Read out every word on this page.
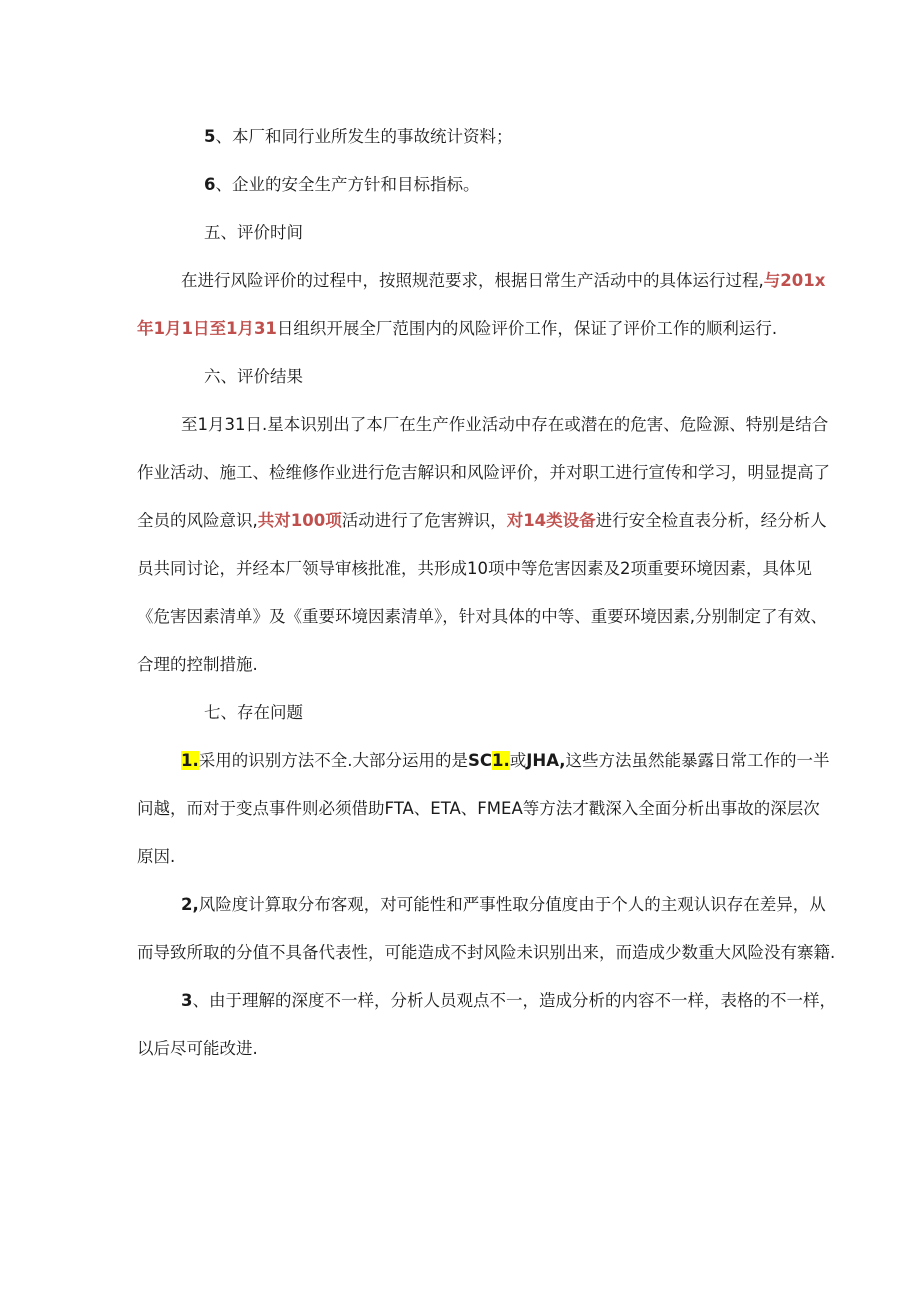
5、本厂和同行业所发生的事故统计资料；
6、企业的安全生产方针和目标指标。
五、评价时间
在进行风险评价的过程中，按照规范要求，根据日常生产活动中的具体运行过程,与201x
年1月1日至1月31日组织开展全厂范围内的风险评价工作，保证了评价工作的顺利运行.
六、评价结果
至1月31日.星本识别出了本厂在生产作业活动中存在或潜在的危害、危险源、特别是结合
作业活动、施工、检维修作业进行危吉解识和风险评价，并对职工进行宣传和学习，明显提高了
全员的风险意识,共对100项活动进行了危害辨识，对14类设备进行安全检直表分析，经分析人
员共同讨论，并经本厂领导审核批准，共形成10项中等危害因素及2项重要环境因素，具体见
《危害因素清单》及《重要环境因素清单》，针对具体的中等、重要环境因素,分别制定了有效、
合理的控制措施.
七、存在问题
1.采用的识别方法不全.大部分运用的是SC1.或JHA,这些方法虽然能暴露日常工作的一半
问越，而对于变点事件则必须借助FTA、ETA、FMEA等方法才戳深入全面分析出事故的深层次
原因.
2,风险度计算取分布客观，对可能性和严事性取分值度由于个人的主观认识存在差异，从
而导致所取的分值不具备代表性，可能造成不封风险未识别出来，而造成少数重大风险没有寨籍.
3、由于理解的深度不一样，分析人员观点不一，造成分析的内容不一样，表格的不一样，
以后尽可能改进.
